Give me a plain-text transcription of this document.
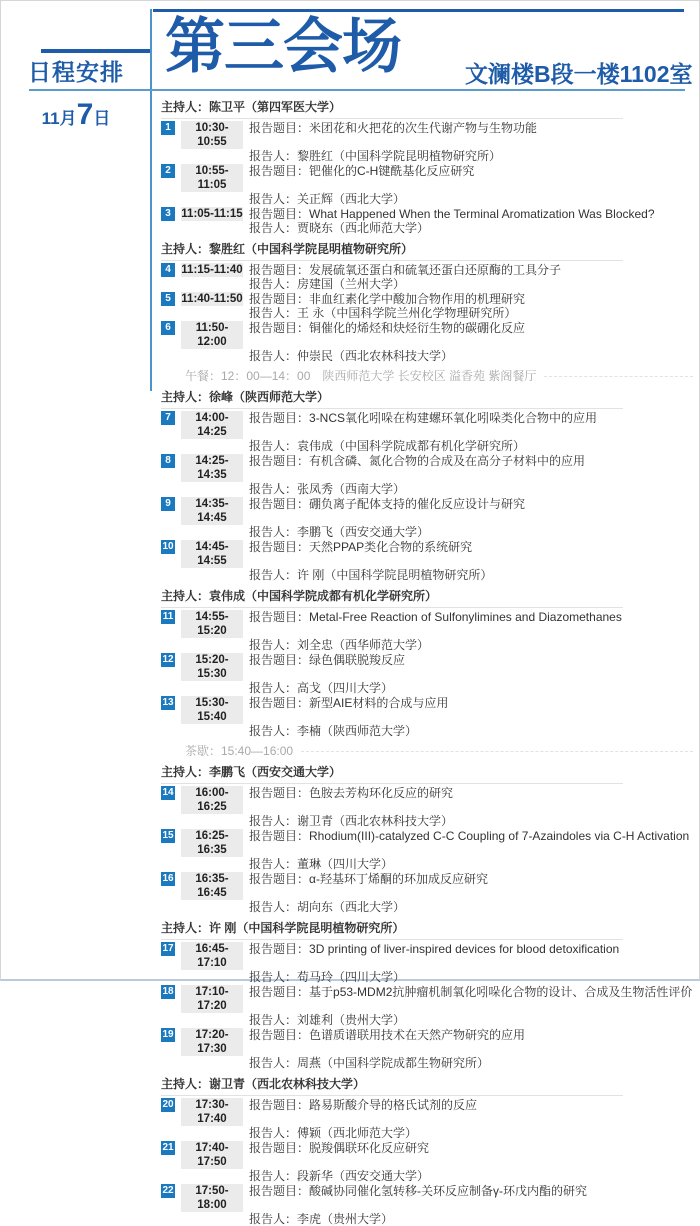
日程安排 第三会场	文澜楼B段一楼1102室
11月7日
主持人：陈卫平（第四军医大学）
1	10:30-10:55
报告题目：米团花和火把花的次生代谢产物与生物功能
报告人：黎胜红（中国科学院昆明植物研究所）
2	10:55-11:05
报告题目：钯催化的C-H键酰基化反应研究
报告人：关正辉（西北大学）
3 11:05-11:15 报告题目：What Happened When the Terminal Aromatization Was Blocked?
报告人：贾晓东（西北师范大学）
主持人：黎胜红（中国科学院昆明植物研究所）
4 11:15-11:40 报告题目：发展硫氧还蛋白和硫氧还蛋白还原酶的工具分子
报告人：房建国（兰州大学）
5 11:40-11:50 报告题目：非血红素化学中酸加合物作用的机理研究
报告人：王 永（中国科学院兰州化学物理研究所）
6	11:50-12:00
报告题目：铜催化的烯烃和炔烃衍生物的碳硼化反应
报告人：仲崇民（西北农林科技大学）
午餐：12：00—14：00　陕西师范大学 长安校区 溢香苑 紫阁餐厅
主持人：徐峰（陕西师范大学）
7	14:00-14:25
报告题目：3-NCS氧化吲哚在构建螺环氧化吲哚类化合物中的应用
报告人：袁伟成（中国科学院成都有机化学研究所）
8	14:25-14:35
报告题目：有机含磷、氮化合物的合成及在高分子材料中的应用
报告人：张凤秀（西南大学）
9	14:35-14:45
报告题目：硼负离子配体支持的催化反应设计与研究
报告人：李鹏飞（西安交通大学）
10	14:45-14:55
报告题目：天然PPAP类化合物的系统研究
报告人：许 刚（中国科学院昆明植物研究所）
主持人：袁伟成（中国科学院成都有机化学研究所）
11	14:55-15:20
报告题目：Metal-Free Reaction of Sulfonylimines and Diazomethanes
报告人：刘全忠（西华师范大学）
12	15:20-15:30
报告题目：绿色偶联脱羧反应
报告人：高戈（四川大学）
13	15:30-15:40
报告题目：新型AIE材料的合成与应用
报告人：李楠（陕西师范大学）
茶歇：15:40—16:00
主持人：李鹏飞（西安交通大学）
14	16:00-16:25
报告题目：色胺去芳构环化反应的研究
报告人：谢卫青（西北农林科技大学）
15	16:25-16:35
报告题目：Rhodium(III)-catalyzed C-C Coupling of 7-Azaindoles via C-H Activation
报告人：董琳（四川大学）
16	16:35-16:45
报告题目：α-羟基环丁烯酮的环加成反应研究
报告人：胡向东（西北大学）
主持人：许 刚（中国科学院昆明植物研究所）
17	16:45-17:10
报告题目：3D printing of liver-inspired devices for blood detoxification
报告人：苟马玲（四川大学）
18	17:10-17:20
报告题目：基于p53-MDM2抗肿瘤机制氧化吲哚化合物的设计、合成及生物活性评价
报告人：刘雄利（贵州大学）
19	17:20-17:30
报告题目：色谱质谱联用技术在天然产物研究的应用
报告人：周燕（中国科学院成都生物研究所）
主持人：谢卫青（西北农林科技大学）
20	17:30-17:40
报告题目：路易斯酸介导的格氏试剂的反应
报告人：傅颖（西北师范大学）
21	17:40-17:50
报告题目：脱羧偶联环化反应研究
报告人：段新华（西安交通大学）
22	17:50-18:00
报告题目：酸碱协同催化氢转移-关环反应制备γ-环戊内酯的研究
报告人：李虎（贵州大学）
